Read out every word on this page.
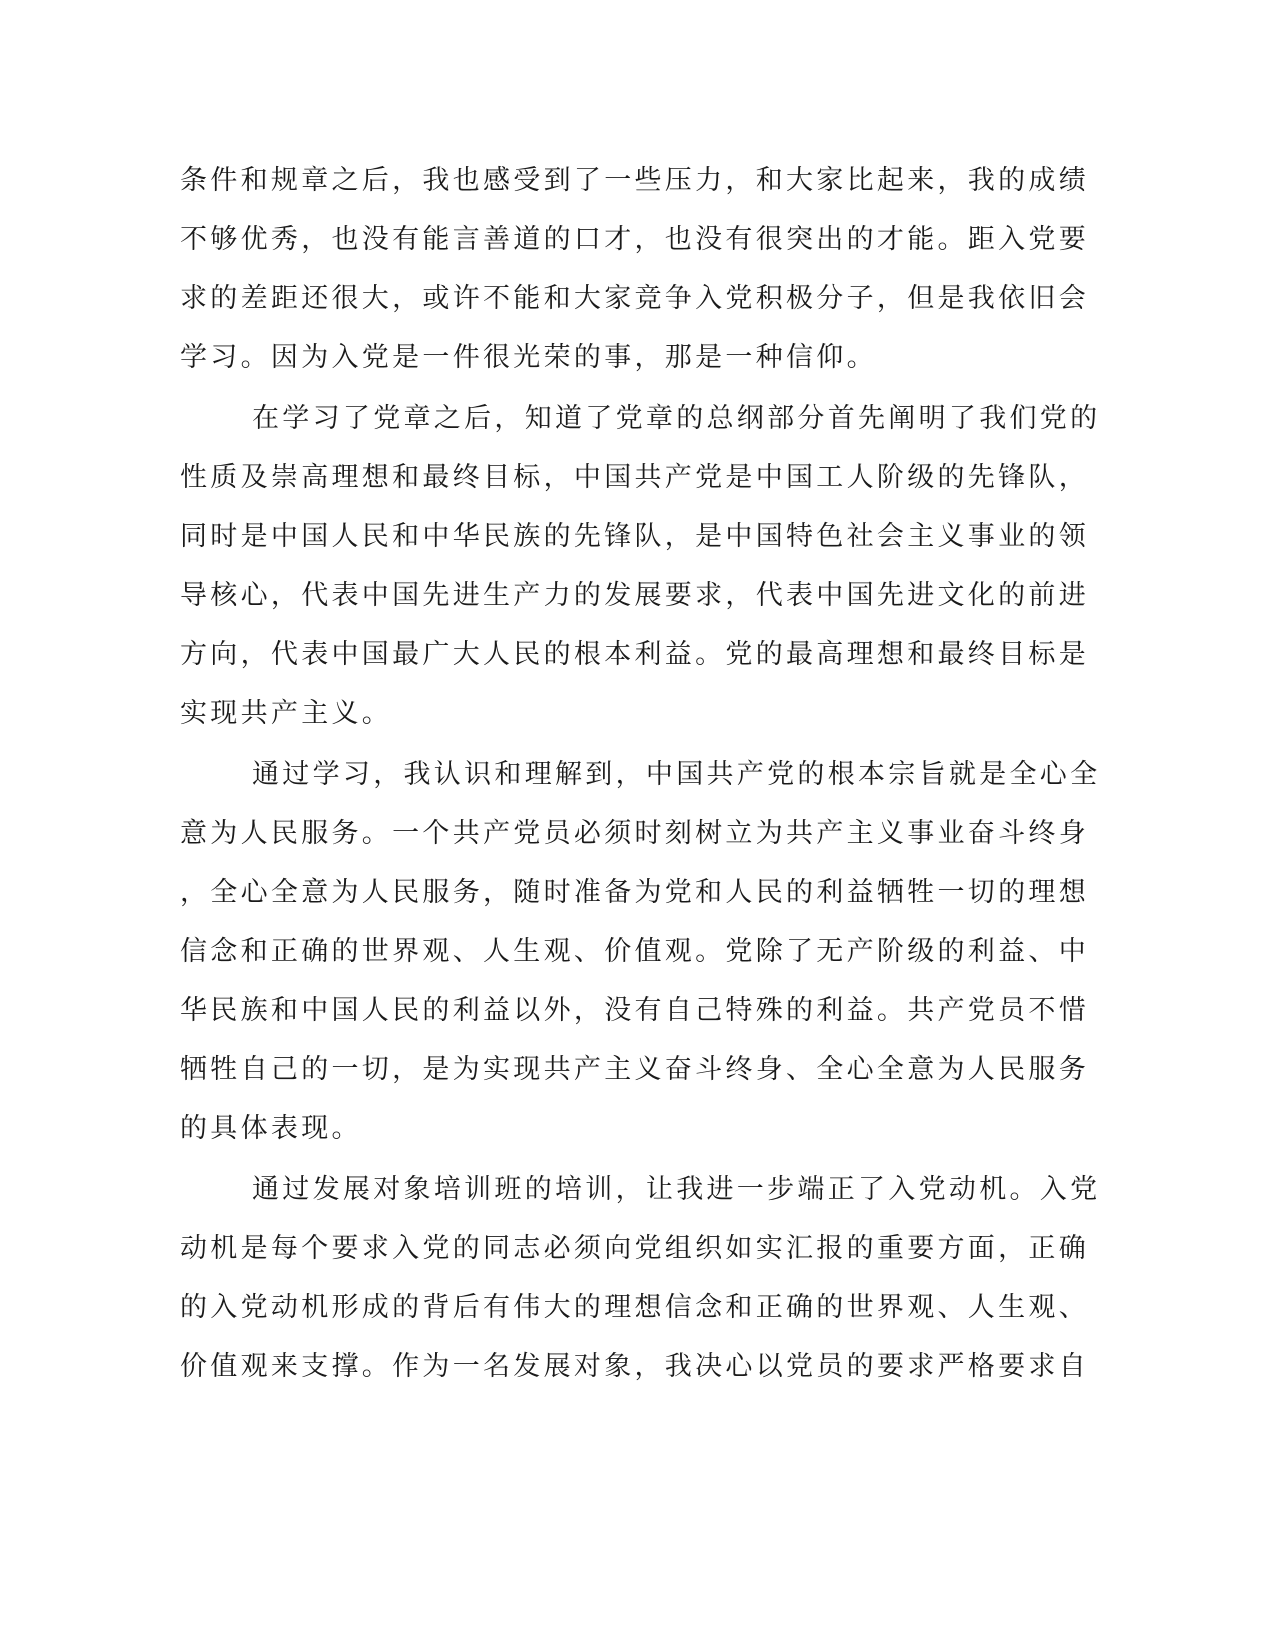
条件和规章之后，我也感受到了一些压力，和大家比起来，我的成绩
不够优秀，也没有能言善道的口才，也没有很突出的才能。距入党要
求的差距还很大，或许不能和大家竞争入党积极分子，但是我依旧会
学习。因为入党是一件很光荣的事，那是一种信仰。
在学习了党章之后，知道了党章的总纲部分首先阐明了我们党的
性质及崇高理想和最终目标，中国共产党是中国工人阶级的先锋队，
同时是中国人民和中华民族的先锋队，是中国特色社会主义事业的领
导核心，代表中国先进生产力的发展要求，代表中国先进文化的前进
方向，代表中国最广大人民的根本利益。党的最高理想和最终目标是
实现共产主义。
通过学习，我认识和理解到，中国共产党的根本宗旨就是全心全
意为人民服务。一个共产党员必须时刻树立为共产主义事业奋斗终身
，全心全意为人民服务，随时准备为党和人民的利益牺牲一切的理想
信念和正确的世界观、人生观、价值观。党除了无产阶级的利益、中
华民族和中国人民的利益以外，没有自己特殊的利益。共产党员不惜
牺牲自己的一切，是为实现共产主义奋斗终身、全心全意为人民服务
的具体表现。
通过发展对象培训班的培训，让我进一步端正了入党动机。入党
动机是每个要求入党的同志必须向党组织如实汇报的重要方面，正确
的入党动机形成的背后有伟大的理想信念和正确的世界观、人生观、
价值观来支撑。作为一名发展对象，我决心以党员的要求严格要求自
